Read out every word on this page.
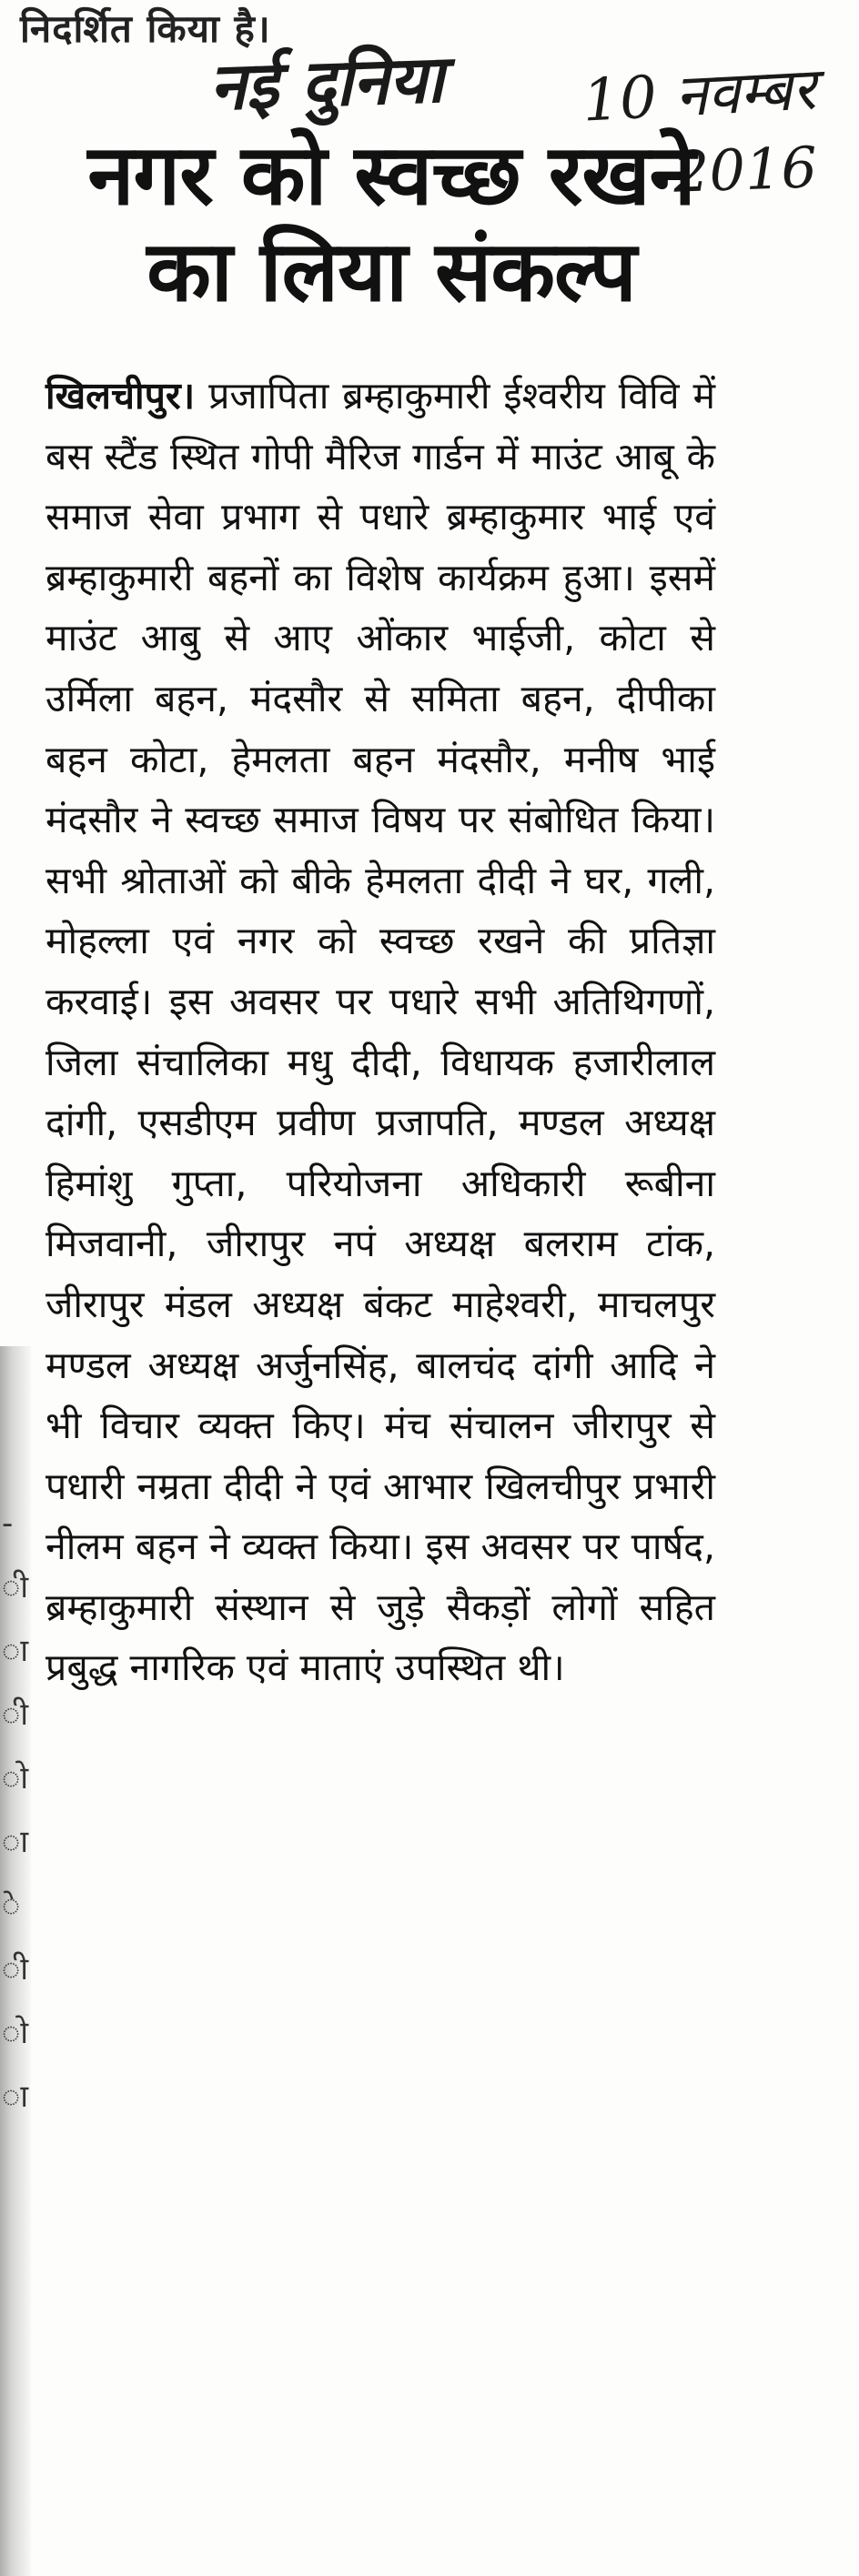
-
ी
ा
ी
ो
ा
े
ी
ो
ा
निदर्शित किया है।
नई दुनिया 10 नवम्बर
2016
नगर को स्वच्छ रखने का लिया संकल्प

खिलचीपुर। प्रजापिता ब्रम्हाकुमारी ईश्वरीय विवि में बस स्टैंड स्थित गोपी मैरिज गार्डन में माउंट आबू के समाज सेवा प्रभाग से पधारे ब्रम्हाकुमार भाई एवं ब्रम्हाकुमारी बहनों का विशेष कार्यक्रम हुआ। इसमें माउंट आबु से आए ओंकार भाईजी, कोटा से उर्मिला बहन, मंदसौर से समिता बहन, दीपीका बहन कोटा, हेमलता बहन मंदसौर, मनीष भाई मंदसौर ने स्वच्छ समाज विषय पर संबोधित किया। सभी श्रोताओं को बीके हेमलता दीदी ने घर, गली, मोहल्ला एवं नगर को स्वच्छ रखने की प्रतिज्ञा करवाई। इस अवसर पर पधारे सभी अतिथिगणों, जिला संचालिका मधु दीदी, विधायक हजारीलाल दांगी, एसडीएम प्रवीण प्रजापति, मण्डल अध्यक्ष हिमांशु गुप्ता, परियोजना अधिकारी रूबीना मिजवानी, जीरापुर नपं अध्यक्ष बलराम टांक, जीरापुर मंडल अध्यक्ष बंकट माहेश्वरी, माचलपुर मण्डल अध्यक्ष अर्जुनसिंह, बालचंद दांगी आदि ने भी विचार व्यक्त किए। मंच संचालन जीरापुर से पधारी नम्रता दीदी ने एवं आभार खिलचीपुर प्रभारी नीलम बहन ने व्यक्त किया। इस अवसर पर पार्षद, ब्रम्हाकुमारी संस्थान से जुड़े सैकड़ों लोगों सहित प्रबुद्ध नागरिक एवं माताएं उपस्थित थी।
